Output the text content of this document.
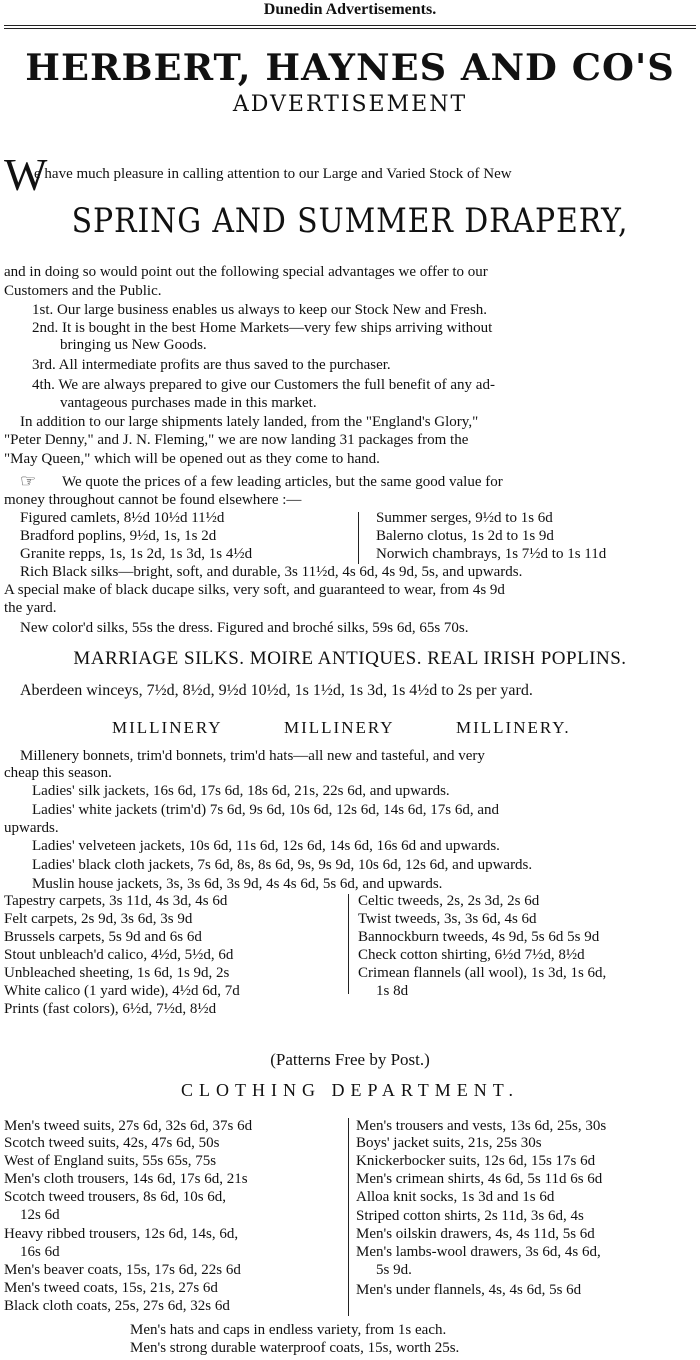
Dunedin Advertisements.
HERBERT, HAYNES AND CO'S
ADVERTISEMENT
W
e have much pleasure in calling attention to our Large and Varied Stock of New
SPRING AND SUMMER DRAPERY,
and in doing so would point out the following special advantages we offer to our
Customers and the Public.
1st. Our large business enables us always to keep our Stock New and Fresh.
2nd. It is bought in the best Home Markets—very few ships arriving without
bringing us New Goods.
3rd. All intermediate profits are thus saved to the purchaser.
4th. We are always prepared to give our Customers the full benefit of any ad-
vantageous purchases made in this market.
In addition to our large shipments lately landed, from the "England's Glory,"
"Peter Denny," and J. N. Fleming," we are now landing 31 packages from the
"May Queen," which will be opened out as they come to hand.
☞ We quote the prices of a few leading articles, but the same good value for
money throughout cannot be found elsewhere :—
Figured camlets, 8½d 10½d 11½d
Bradford poplins, 9½d, 1s, 1s 2d
Granite repps, 1s, 1s 2d, 1s 3d, 1s 4½d
Summer serges, 9½d to 1s 6d
Balerno clotus, 1s 2d to 1s 9d
Norwich chambrays, 1s 7½d to 1s 11d
Rich Black silks—bright, soft, and durable, 3s 11½d, 4s 6d, 4s 9d, 5s, and upwards.
A special make of black ducape silks, very soft, and guaranteed to wear, from 4s 9d
the yard.
New color'd silks, 55s the dress. Figured and broché silks, 59s 6d, 65s 70s.
MARRIAGE SILKS. MOIRE ANTIQUES. REAL IRISH POPLINS.
Aberdeen winceys, 7½d, 8½d, 9½d 10½d, 1s 1½d, 1s 3d, 1s 4½d to 2s per yard.
MILLINERY	MILLINERY	MILLINERY.
Millenery bonnets, trim'd bonnets, trim'd hats—all new and tasteful, and very
cheap this season.
Ladies' silk jackets, 16s 6d, 17s 6d, 18s 6d, 21s, 22s 6d, and upwards.
Ladies' white jackets (trim'd) 7s 6d, 9s 6d, 10s 6d, 12s 6d, 14s 6d, 17s 6d, and
upwards.
Ladies' velveteen jackets, 10s 6d, 11s 6d, 12s 6d, 14s 6d, 16s 6d and upwards.
Ladies' black cloth jackets, 7s 6d, 8s, 8s 6d, 9s, 9s 9d, 10s 6d, 12s 6d, and upwards.
Muslin house jackets, 3s, 3s 6d, 3s 9d, 4s 4s 6d, 5s 6d, and upwards.
Tapestry carpets, 3s 11d, 4s 3d, 4s 6d
Felt carpets, 2s 9d, 3s 6d, 3s 9d
Brussels carpets, 5s 9d and 6s 6d
Stout unbleach'd calico, 4½d, 5½d, 6d
Unbleached sheeting, 1s 6d, 1s 9d, 2s
White calico (1 yard wide), 4½d 6d, 7d
Prints (fast colors), 6½d, 7½d, 8½d
Celtic tweeds, 2s, 2s 3d, 2s 6d
Twist tweeds, 3s, 3s 6d, 4s 6d
Bannockburn tweeds, 4s 9d, 5s 6d 5s 9d
Check cotton shirting, 6½d 7½d, 8½d
Crimean flannels (all wool), 1s 3d, 1s 6d,
1s 8d
(Patterns Free by Post.)
CLOTHING DEPARTMENT.
Men's tweed suits, 27s 6d, 32s 6d, 37s 6d
Scotch tweed suits, 42s, 47s 6d, 50s
West of England suits, 55s 65s, 75s
Men's cloth trousers, 14s 6d, 17s 6d, 21s
Scotch tweed trousers, 8s 6d, 10s 6d,
12s 6d
Heavy ribbed trousers, 12s 6d, 14s, 6d,
16s 6d
Men's beaver coats, 15s, 17s 6d, 22s 6d
Men's tweed coats, 15s, 21s, 27s 6d
Black cloth coats, 25s, 27s 6d, 32s 6d
Men's trousers and vests, 13s 6d, 25s, 30s
Boys' jacket suits, 21s, 25s 30s
Knickerbocker suits, 12s 6d, 15s 17s 6d
Men's crimean shirts, 4s 6d, 5s 11d 6s 6d
Alloa knit socks, 1s 3d and 1s 6d
Striped cotton shirts, 2s 11d, 3s 6d, 4s
Men's oilskin drawers, 4s, 4s 11d, 5s 6d
Men's lambs-wool drawers, 3s 6d, 4s 6d,
5s 9d.
Men's under flannels, 4s, 4s 6d, 5s 6d
Men's hats and caps in endless variety, from 1s each.
Men's strong durable waterproof coats, 15s, worth 25s.
